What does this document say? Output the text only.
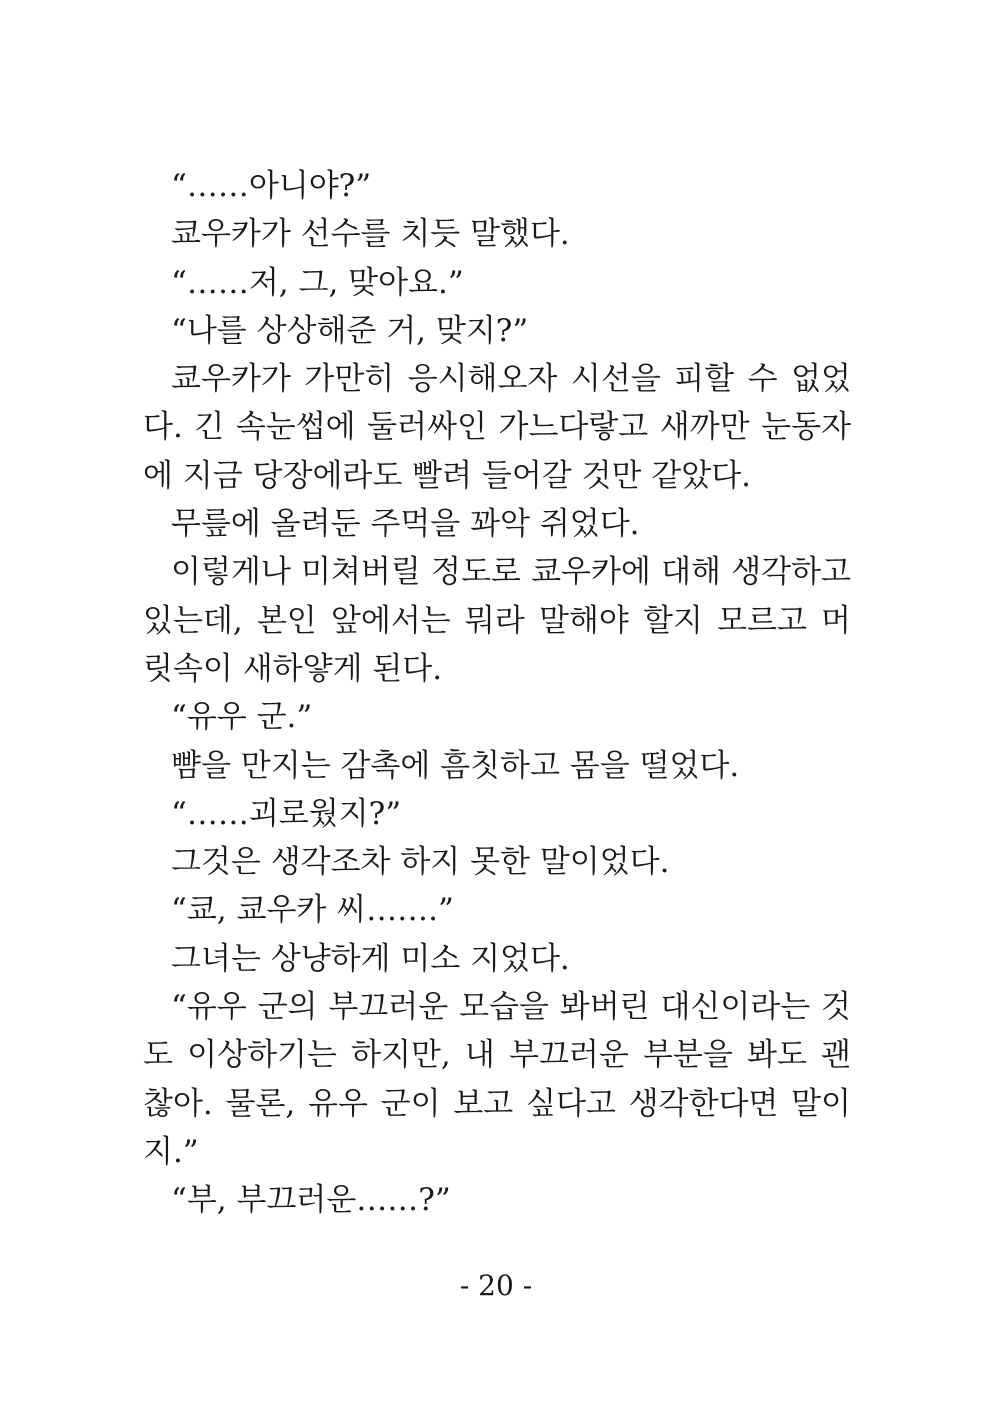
“……아니야?”
쿄우카가 선수를 치듯 말했다.
“……저, 그, 맞아요.”
“나를 상상해준 거, 맞지?”
쿄우카가 가만히 응시해오자 시선을 피할 수 없었
다. 긴 속눈썹에 둘러싸인 가느다랗고 새까만 눈동자
에 지금 당장에라도 빨려 들어갈 것만 같았다.
무릎에 올려둔 주먹을 꽈악 쥐었다.
이렇게나 미쳐버릴 정도로 쿄우카에 대해 생각하고
있는데, 본인 앞에서는 뭐라 말해야 할지 모르고 머
릿속이 새하얗게 된다.
“유우 군.”
뺨을 만지는 감촉에 흠칫하고 몸을 떨었다.
“……괴로웠지?”
그것은 생각조차 하지 못한 말이었다.
“쿄, 쿄우카 씨…….”
그녀는 상냥하게 미소 지었다.
“유우 군의 부끄러운 모습을 봐버린 대신이라는 것
도 이상하기는 하지만, 내 부끄러운 부분을 봐도 괜
찮아. 물론, 유우 군이 보고 싶다고 생각한다면 말이
지.”
“부, 부끄러운……?”
- 20 -
